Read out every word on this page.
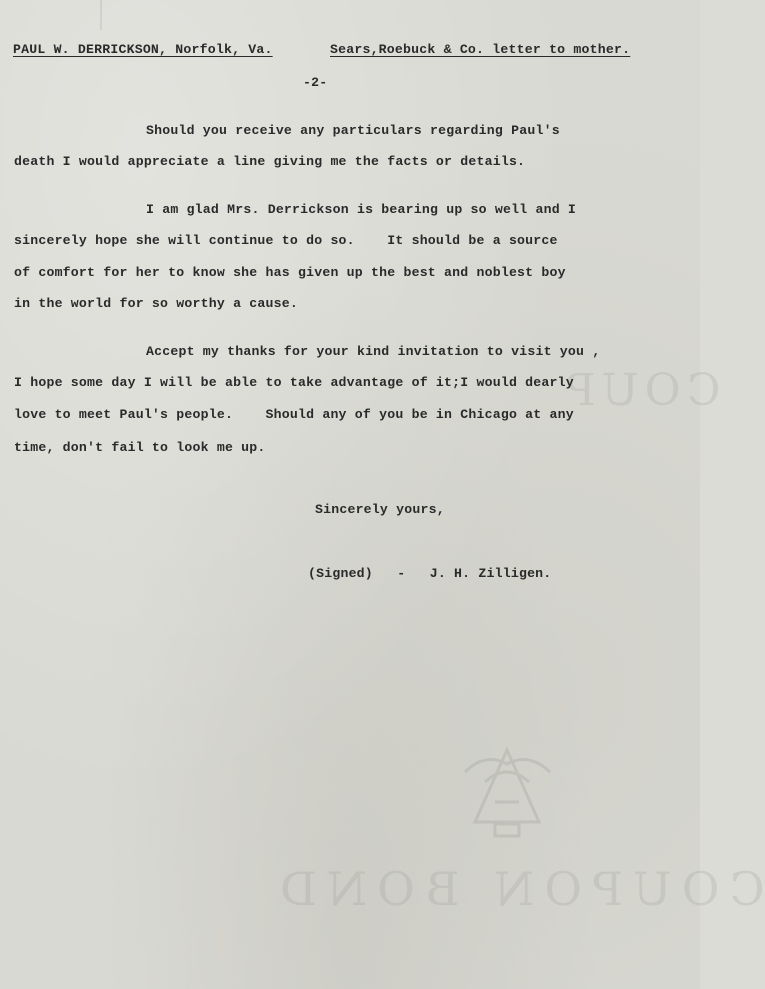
COUPON BOND
COUP
PAUL W. DERRICKSON, Norfolk, Va.	Sears,Roebuck & Co. letter to mother.
-2-
Should you receive any particulars regarding Paul's
death I would appreciate a line giving me the facts or details.
I am glad Mrs. Derrickson is bearing up so well and I
sincerely hope she will continue to do so.    It should be a source
of comfort for her to know she has given up the best and noblest boy
in the world for so worthy a cause.
Accept my thanks for your kind invitation to visit you ,
I hope some day I will be able to take advantage of it;I would dearly
love to meet Paul's people.    Should any of you be in Chicago at any
time, don't fail to look me up.
Sincerely yours,
(Signed)   -   J. H. Zilligen.
